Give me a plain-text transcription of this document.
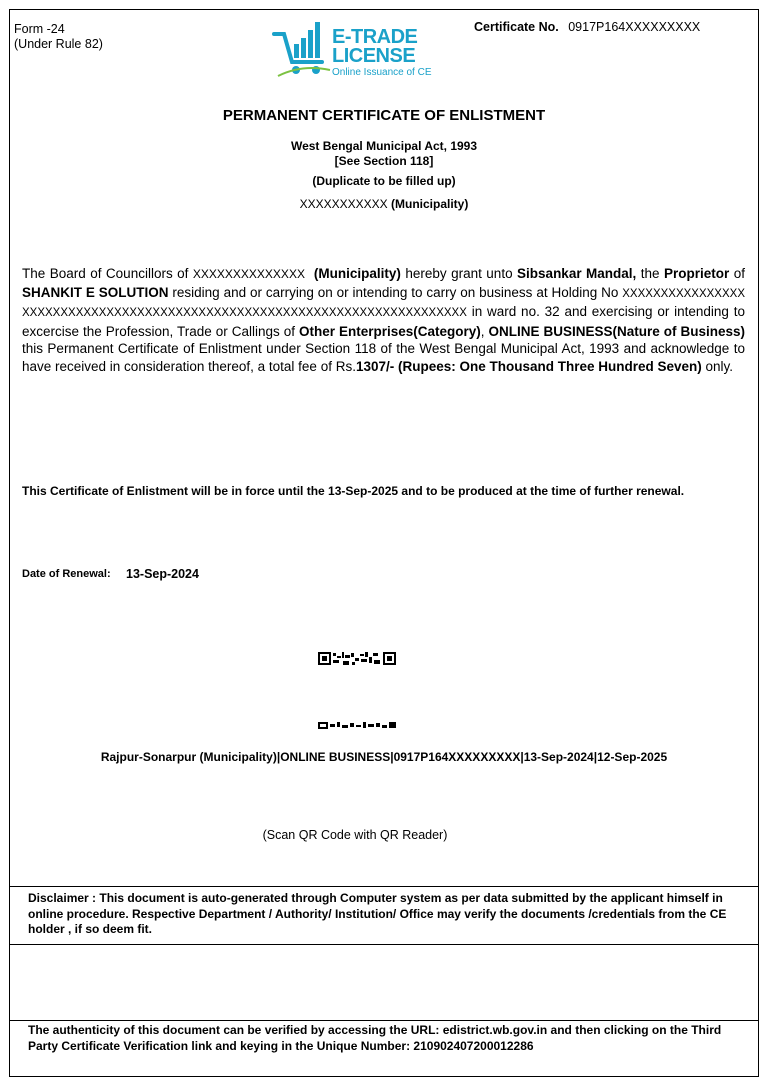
Form -24
(Under Rule 82)	E-TRADE
LICENSE
Online Issuance of CE
Certificate No. 0917P164XXXXXXXXX
PERMANENT CERTIFICATE OF ENLISTMENT
West Bengal Municipal Act, 1993
[See Section 118]
(Duplicate to be filled up)
XXXXXXXXXXX (Municipality)
The Board of Councillors of XXXXXXXXXXXXXX (Municipality) hereby grant unto Sibsankar Mandal, the Proprietor of SHANKIT E SOLUTION residing and or carrying on or intending to carry on business at Holding No XXXXXXXXXXXXXXXXXXXXXXXXXXXXXXXXXXXXXXXXXXXXXXXXXXXXXXXXXXXXXXXXXXXXXXXXXX in ward no. 32 and exercising or intending to excercise the Profession, Trade or Callings of Other Enterprises(Category), ONLINE BUSINESS(Nature of Business) this Permanent Certificate of Enlistment under Section 118 of the West Bengal Municipal Act, 1993 and acknowledge to have received in consideration thereof, a total fee of Rs.1307/- (Rupees: One Thousand Three Hundred Seven) only.
This Certificate of Enlistment will be in force until the 13-Sep-2025 and to be produced at the time of further renewal.
Date of Renewal: 13-Sep-2024
Rajpur-Sonarpur (Municipality)|ONLINE BUSINESS|0917P164XXXXXXXXX|13-Sep-2024|12-Sep-2025
(Scan QR Code with QR Reader)
Disclaimer : This document is auto-generated through Computer system as per data submitted by the applicant himself in online procedure. Respective Department / Authority/ Institution/ Office may verify the documents /credentials from the CE holder , if so deem fit.
The authenticity of this document can be verified by accessing the URL: edistrict.wb.gov.in and then clicking on the Third Party Certificate Verification link and keying in the Unique Number: 210902407200012286
